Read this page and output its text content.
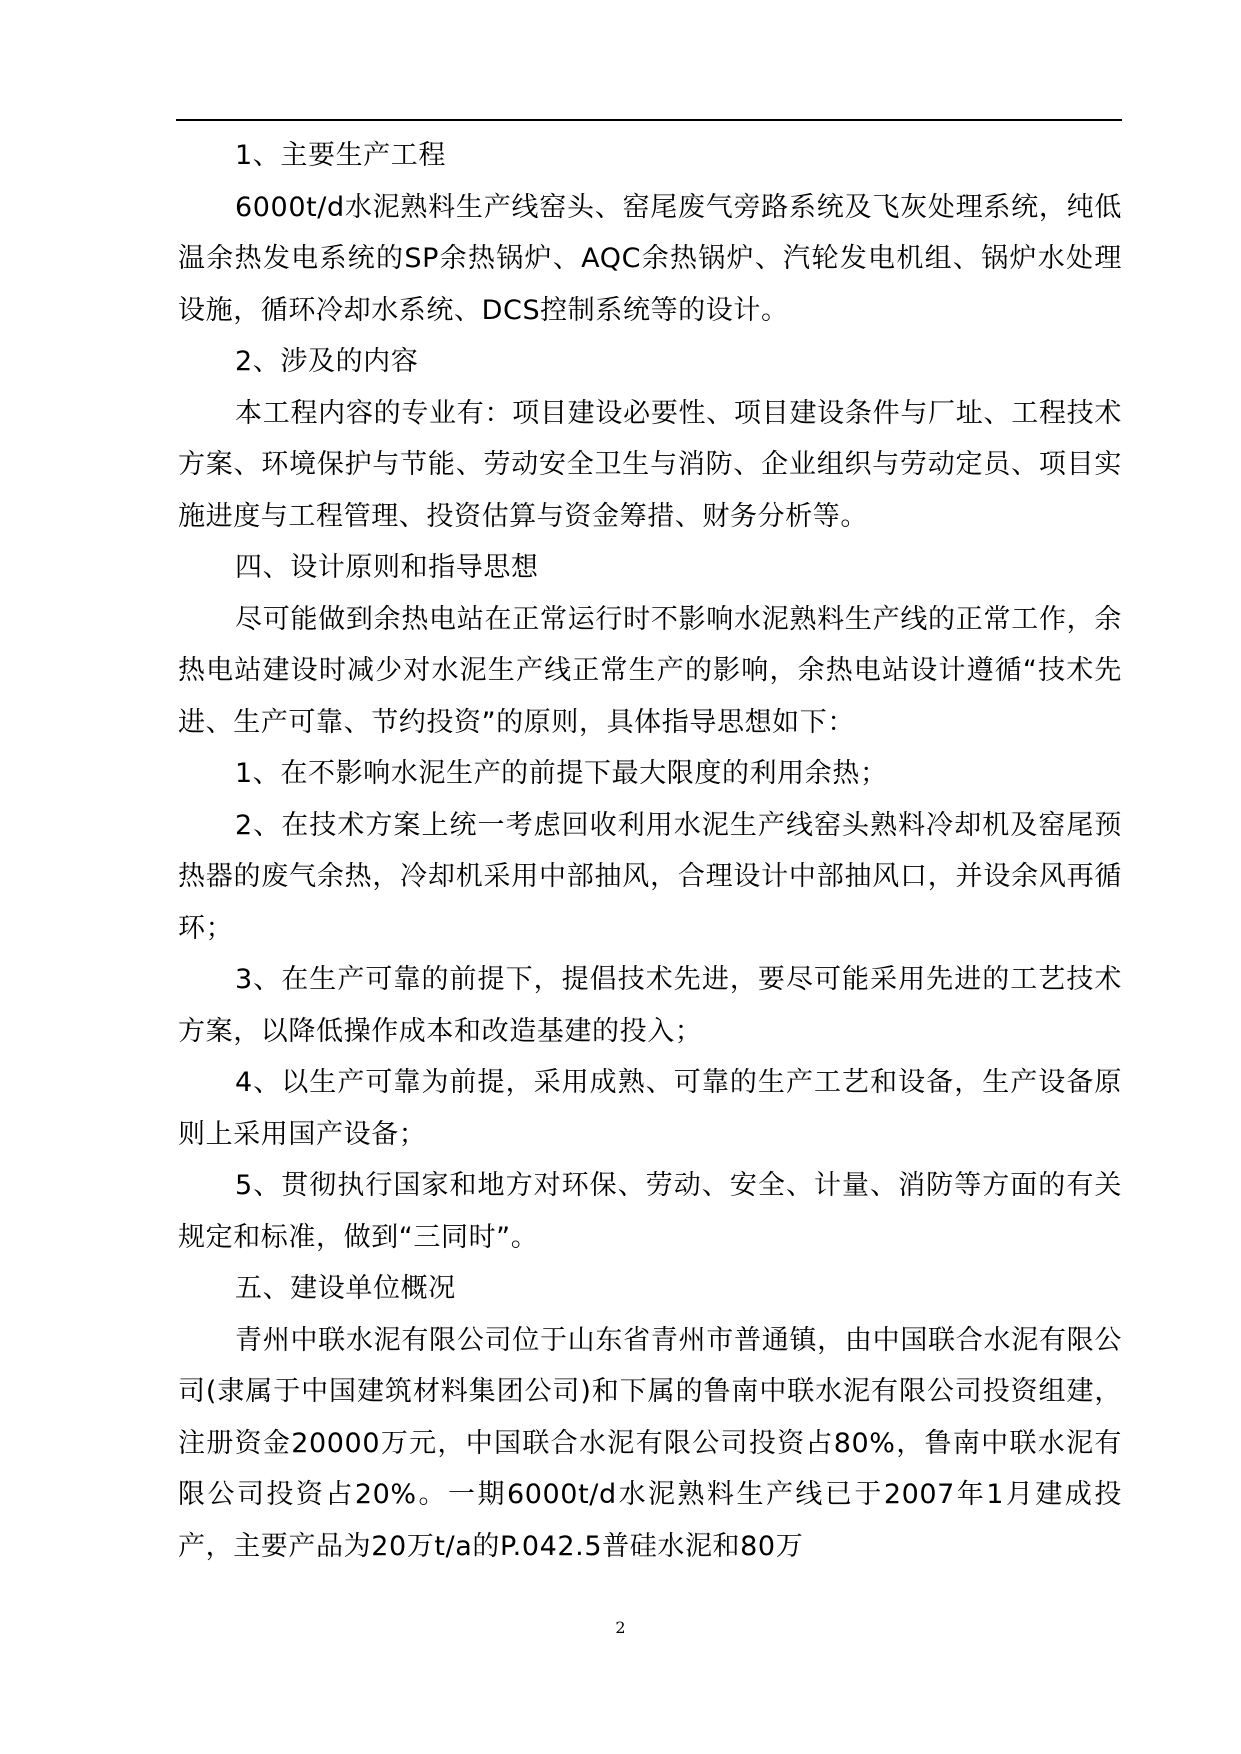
1、主要生产工程

6000t/d水泥熟料生产线窑头、窑尾废气旁路系统及飞灰处理系统，纯低温余热发电系统的SP余热锅炉、AQC余热锅炉、汽轮发电机组、锅炉水处理设施，循环冷却水系统、DCS控制系统等的设计。

2、涉及的内容

本工程内容的专业有：项目建设必要性、项目建设条件与厂址、工程技术方案、环境保护与节能、劳动安全卫生与消防、企业组织与劳动定员、项目实施进度与工程管理、投资估算与资金筹措、财务分析等。

四、设计原则和指导思想

尽可能做到余热电站在正常运行时不影响水泥熟料生产线的正常工作，余热电站建设时减少对水泥生产线正常生产的影响，余热电站设计遵循“技术先进、生产可靠、节约投资”的原则，具体指导思想如下：

1、在不影响水泥生产的前提下最大限度的利用余热；

2、在技术方案上统一考虑回收利用水泥生产线窑头熟料冷却机及窑尾预热器的废气余热，冷却机采用中部抽风，合理设计中部抽风口，并设余风再循环；

3、在生产可靠的前提下，提倡技术先进，要尽可能采用先进的工艺技术方案，以降低操作成本和改造基建的投入；

4、以生产可靠为前提，采用成熟、可靠的生产工艺和设备，生产设备原则上采用国产设备；

5、贯彻执行国家和地方对环保、劳动、安全、计量、消防等方面的有关规定和标准，做到“三同时”。

五、建设单位概况

青州中联水泥有限公司位于山东省青州市普通镇，由中国联合水泥有限公司(隶属于中国建筑材料集团公司)和下属的鲁南中联水泥有限公司投资组建，注册资金20000万元，中国联合水泥有限公司投资占80%，鲁南中联水泥有限公司投资占20%。一期6000t/d水泥熟料生产线已于2007年1月建成投产，主要产品为20万t/a的P.042.5普硅水泥和80万

2
